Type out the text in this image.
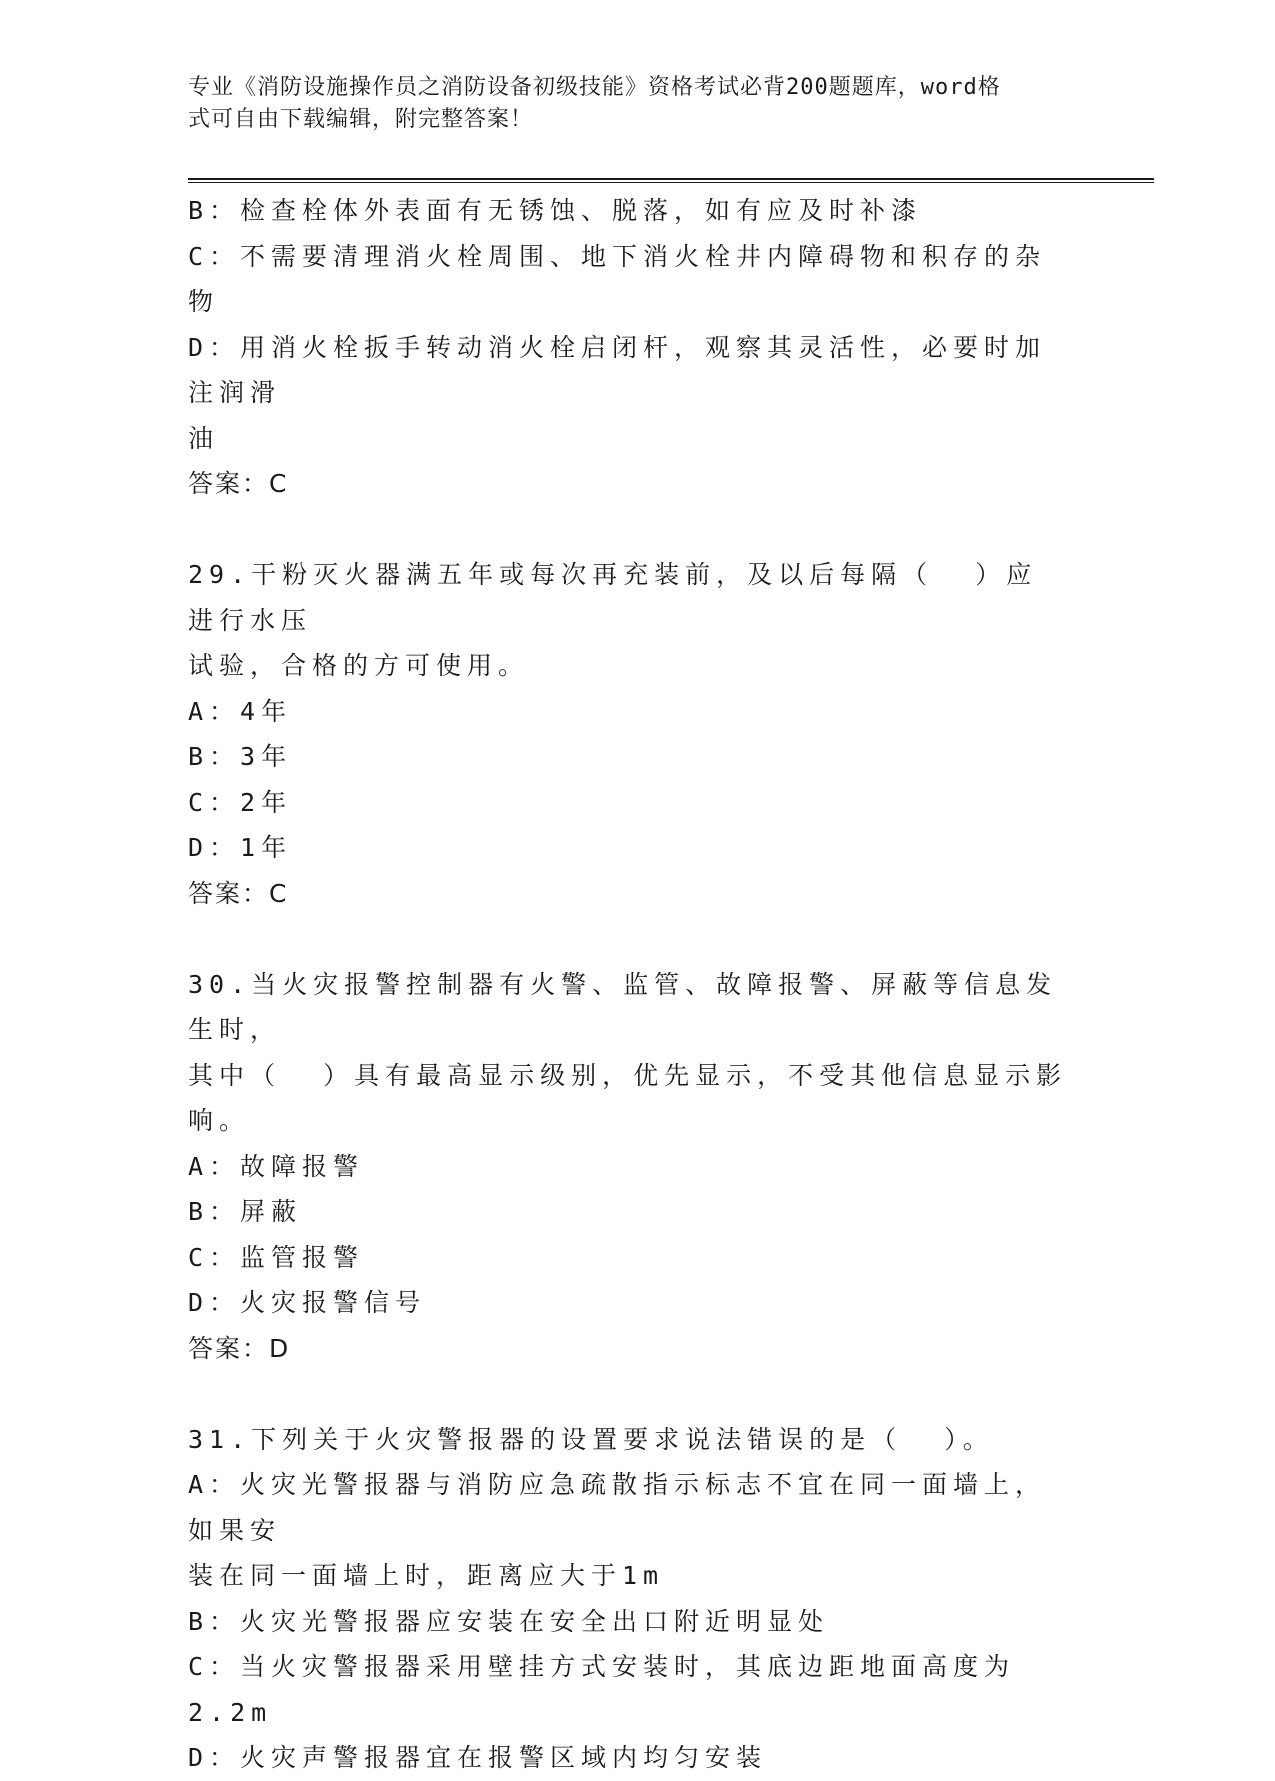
专业《消防设施操作员之消防设备初级技能》资格考试必背200题题库，word格
式可自由下载编辑，附完整答案！
B：检查栓体外表面有无锈蚀、脱落，如有应及时补漆
C：不需要清理消火栓周围、地下消火栓井内障碍物和积存的杂物
D：用消火栓扳手转动消火栓启闭杆，观察其灵活性，必要时加注润滑
油
答案：C
29.干粉灭火器满五年或每次再充装前，及以后每隔（  ）应进行水压
试验，合格的方可使用。
A：4年
B：3年
C：2年
D：1年
答案：C
30.当火灾报警控制器有火警、监管、故障报警、屏蔽等信息发生时，
其中（  ）具有最高显示级别，优先显示，不受其他信息显示影响。
A：故障报警
B：屏蔽
C：监管报警
D：火灾报警信号
答案：D
31.下列关于火灾警报器的设置要求说法错误的是（  ）。
A：火灾光警报器与消防应急疏散指示标志不宜在同一面墙上，如果安
装在同一面墙上时，距离应大于1m
B：火灾光警报器应安装在安全出口附近明显处
C：当火灾警报器采用壁挂方式安装时，其底边距地面高度为2.2m
D：火灾声警报器宜在报警区域内均匀安装
